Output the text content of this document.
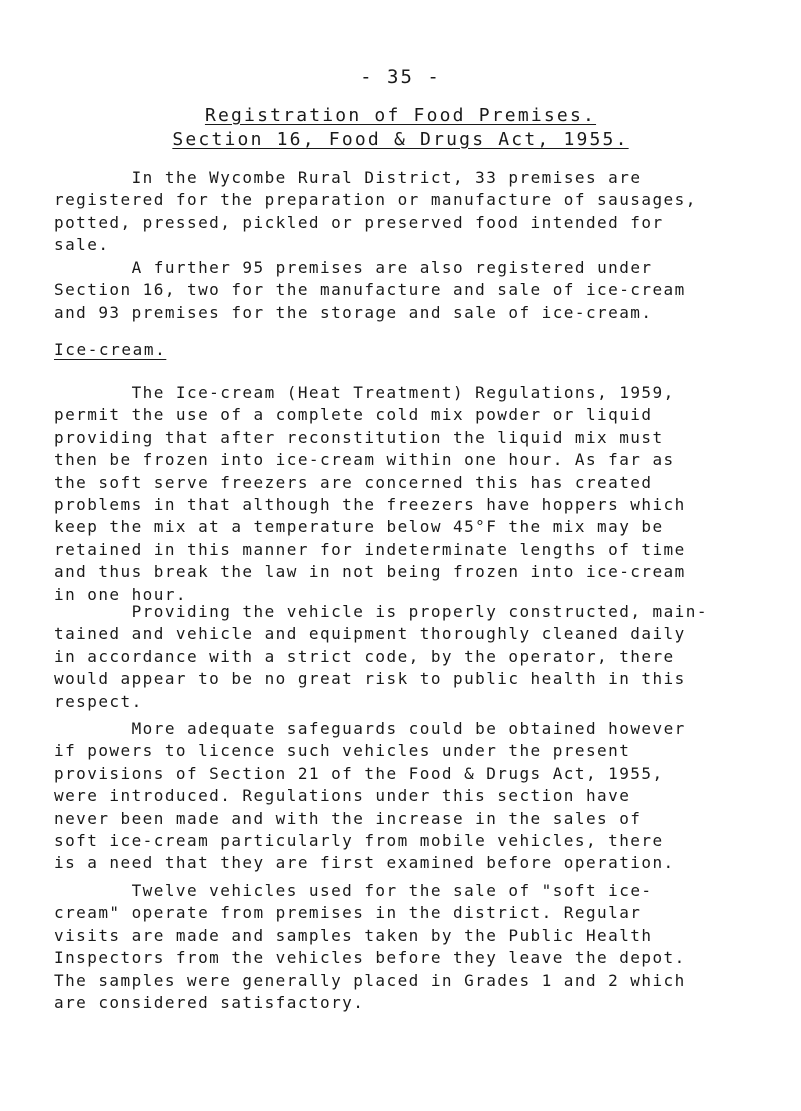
- 35 -
Registration of Food Premises.
Section 16, Food & Drugs Act, 1955.

In the Wycombe Rural District, 33 premises are
registered for the preparation or manufacture of sausages,
potted, pressed, pickled or preserved food intended for
sale.

A further 95 premises are also registered under
Section 16, two for the manufacture and sale of ice-cream
and 93 premises for the storage and sale of ice-cream.

Ice-cream.

The Ice-cream (Heat Treatment) Regulations, 1959,
permit the use of a complete cold mix powder or liquid
providing that after reconstitution the liquid mix must
then be frozen into ice-cream within one hour. As far as
the soft serve freezers are concerned this has created
problems in that although the freezers have hoppers which
keep the mix at a temperature below 45°F the mix may be
retained in this manner for indeterminate lengths of time
and thus break the law in not being frozen into ice-cream
in one hour.

Providing the vehicle is properly constructed, main-
tained and vehicle and equipment thoroughly cleaned daily
in accordance with a strict code, by the operator, there
would appear to be no great risk to public health in this
respect.

More adequate safeguards could be obtained however
if powers to licence such vehicles under the present
provisions of Section 21 of the Food & Drugs Act, 1955,
were introduced. Regulations under this section have
never been made and with the increase in the sales of
soft ice-cream particularly from mobile vehicles, there
is a need that they are first examined before operation.

Twelve vehicles used for the sale of "soft ice-
cream" operate from premises in the district. Regular
visits are made and samples taken by the Public Health
Inspectors from the vehicles before they leave the depot.
The samples were generally placed in Grades 1 and 2 which
are considered satisfactory.
